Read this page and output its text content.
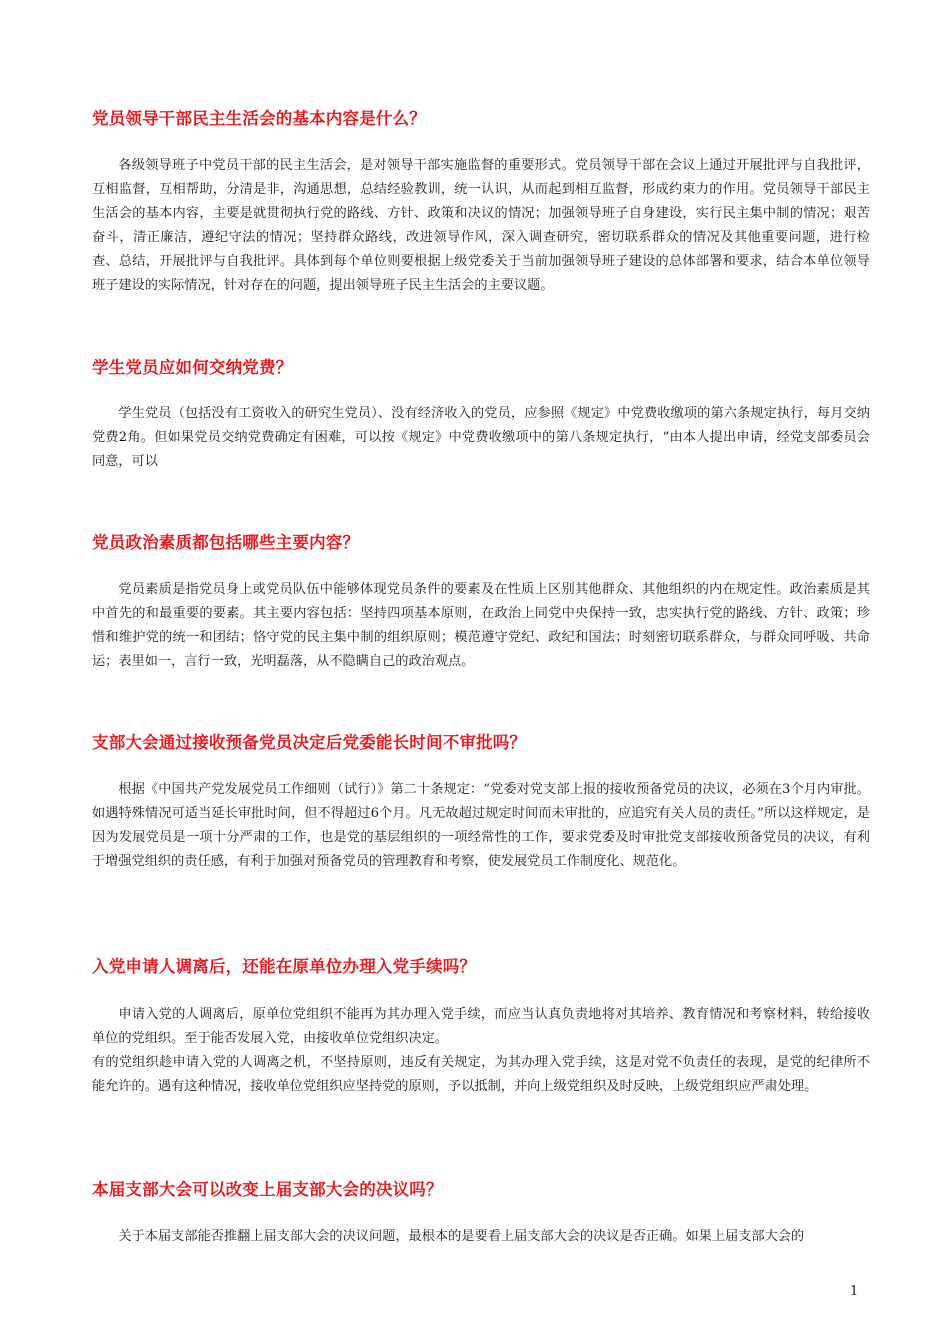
党员领导干部民主生活会的基本内容是什么？

各级领导班子中党员干部的民主生活会，是对领导干部实施监督的重要形式。党员领导干部在会议上通过开展批评与自我批评，互相监督，互相帮助，分清是非，沟通思想，总结经验教训，统一认识，从而起到相互监督，形成约束力的作用。党员领导干部民主生活会的基本内容，主要是就贯彻执行党的路线、方针、政策和决议的情况；加强领导班子自身建设，实行民主集中制的情况；艰苦奋斗，清正廉洁，遵纪守法的情况；坚持群众路线，改进领导作风，深入调查研究，密切联系群众的情况及其他重要问题，进行检查、总结，开展批评与自我批评。具体到每个单位则要根据上级党委关于当前加强领导班子建设的总体部署和要求，结合本单位领导班子建设的实际情况，针对存在的问题，提出领导班子民主生活会的主要议题。

学生党员应如何交纳党费？

学生党员（包括没有工资收入的研究生党员）、没有经济收入的党员，应参照《规定》中党费收缴项的第六条规定执行，每月交纳党费2角。但如果党员交纳党费确定有困难，可以按《规定》中党费收缴项中的第八条规定执行，“由本人提出申请，经党支部委员会同意，可以

党员政治素质都包括哪些主要内容？

党员素质是指党员身上或党员队伍中能够体现党员条件的要素及在性质上区别其他群众、其他组织的内在规定性。政治素质是其中首先的和最重要的要素。其主要内容包括：坚持四项基本原则，在政治上同党中央保持一致，忠实执行党的路线、方针、政策；珍惜和维护党的统一和团结；恪守党的民主集中制的组织原则；模范遵守党纪、政纪和国法；时刻密切联系群众，与群众同呼吸、共命运；表里如一，言行一致，光明磊落，从不隐瞒自己的政治观点。

支部大会通过接收预备党员决定后党委能长时间不审批吗？

根据《中国共产党发展党员工作细则（试行）》第二十条规定：“党委对党支部上报的接收预备党员的决议，必须在3个月内审批。如遇特殊情况可适当延长审批时间，但不得超过6个月。凡无故超过规定时间而未审批的，应追究有关人员的责任。”所以这样规定，是因为发展党员是一项十分严肃的工作，也是党的基层组织的一项经常性的工作，要求党委及时审批党支部接收预备党员的决议，有利于增强党组织的责任感，有利于加强对预备党员的管理教育和考察，使发展党员工作制度化、规范化。

入党申请人调离后，还能在原单位办理入党手续吗？

申请入党的人调离后，原单位党组织不能再为其办理入党手续，而应当认真负责地将对其培养、教育情况和考察材料，转给接收单位的党组织。至于能否发展入党，由接收单位党组织决定。

有的党组织趁申请入党的人调离之机，不坚持原则，违反有关规定，为其办理入党手续，这是对党不负责任的表现，是党的纪律所不能允许的。遇有这种情况，接收单位党组织应坚持党的原则，予以抵制，并向上级党组织及时反映，上级党组织应严肃处理。

本届支部大会可以改变上届支部大会的决议吗？

关于本届支部能否推翻上届支部大会的决议问题，最根本的是要看上届支部大会的决议是否正确。如果上届支部大会的

1
